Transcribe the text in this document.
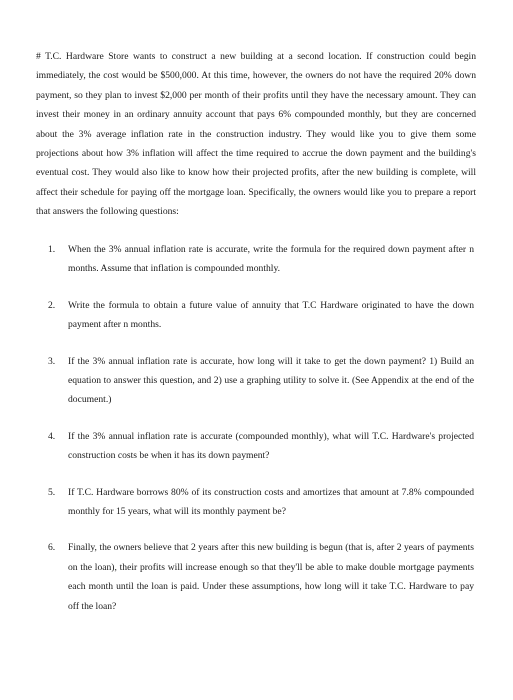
# T.C. Hardware Store wants to construct a new building at a second location. If construction could begin immediately, the cost would be $500,000. At this time, however, the owners do not have the required 20% down payment, so they plan to invest $2,000 per month of their profits until they have the necessary amount. They can invest their money in an ordinary annuity account that pays 6% compounded monthly, but they are concerned about the 3% average inflation rate in the construction industry. They would like you to give them some projections about how 3% inflation will affect the time required to accrue the down payment and the building's eventual cost. They would also like to know how their projected profits, after the new building is complete, will affect their schedule for paying off the mortgage loan. Specifically, the owners would like you to prepare a report that answers the following questions:

1. When the 3% annual inflation rate is accurate, write the formula for the required down payment after n months. Assume that inflation is compounded monthly.
2. Write the formula to obtain a future value of annuity that T.C Hardware originated to have the down payment after n months.
3. If the 3% annual inflation rate is accurate, how long will it take to get the down payment? 1) Build an equation to answer this question, and 2) use a graphing utility to solve it. (See Appendix at the end of the document.)
4. If the 3% annual inflation rate is accurate (compounded monthly), what will T.C. Hardware's projected construction costs be when it has its down payment?
5. If T.C. Hardware borrows 80% of its construction costs and amortizes that amount at 7.8% compounded monthly for 15 years, what will its monthly payment be?
6. Finally, the owners believe that 2 years after this new building is begun (that is, after 2 years of payments on the loan), their profits will increase enough so that they'll be able to make double mortgage payments each month until the loan is paid. Under these assumptions, how long will it take T.C. Hardware to pay off the loan?
